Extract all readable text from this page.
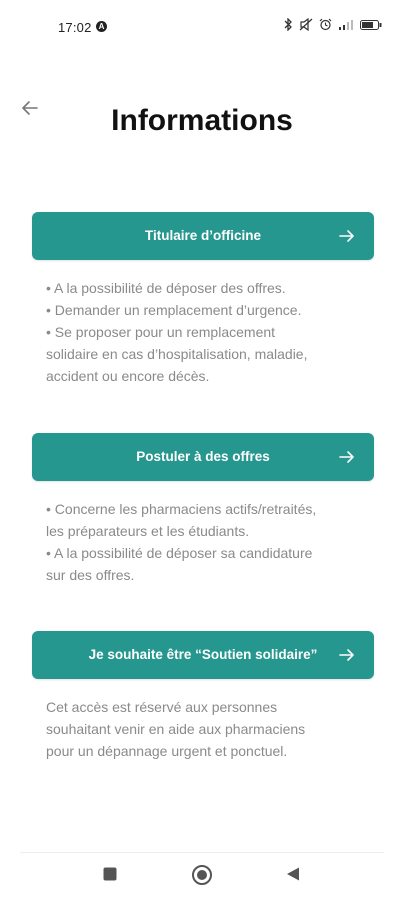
17:02 A
Informations
Titulaire d’officine
• A la possibilité de déposer des offres.
• Demander un remplacement d’urgence.
• Se proposer pour un remplacement
solidaire en cas d’hospitalisation, maladie,
accident ou encore décès.
Postuler à des offres
• Concerne les pharmaciens actifs/retraités,
les préparateurs et les étudiants.
• A la possibilité de déposer sa candidature
sur des offres.
Je souhaite être “Soutien solidaire”
Cet accès est réservé aux personnes
souhaitant venir en aide aux pharmaciens
pour un dépannage urgent et ponctuel.
